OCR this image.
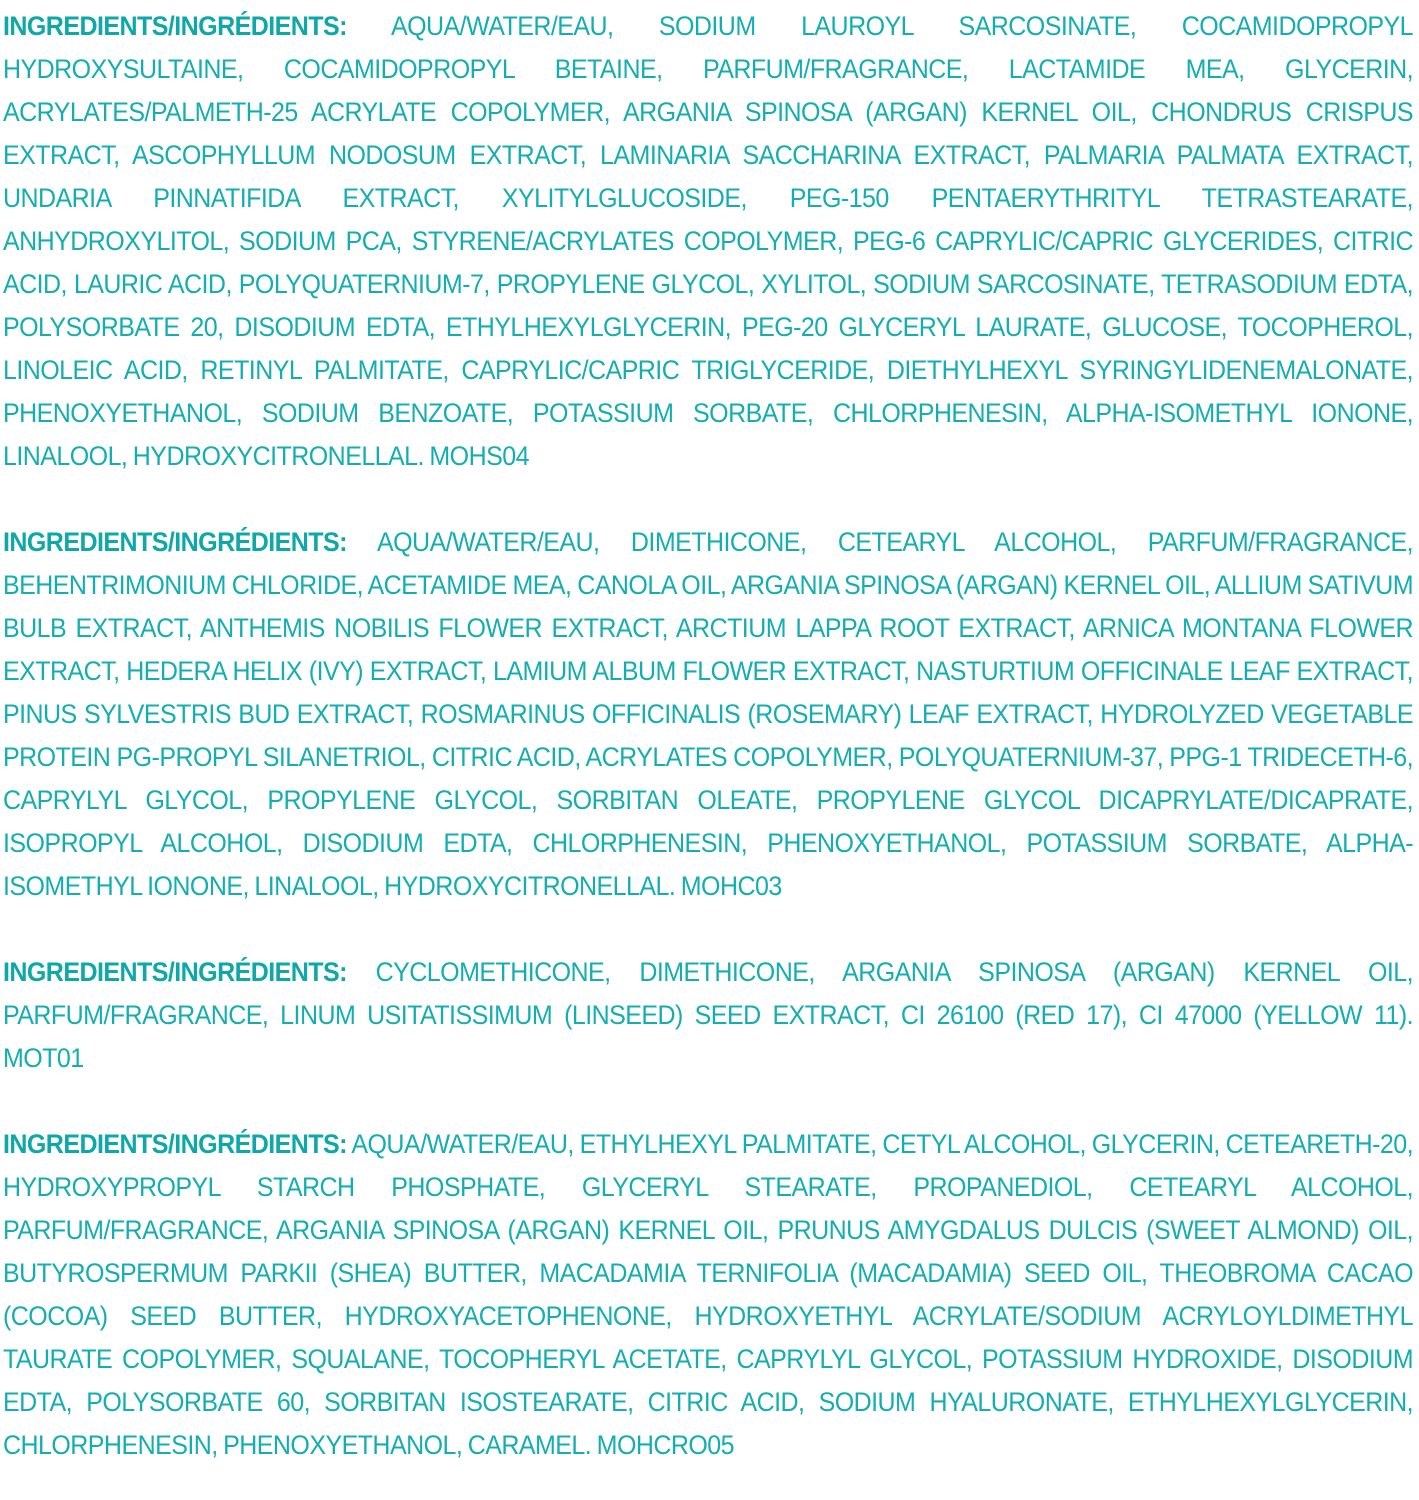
INGREDIENTS/INGRÉDIENTS: AQUA/WATER/EAU, SODIUM LAUROYL SARCOSINATE, COCAMIDOPROPYL HYDROXYSULTAINE, COCAMIDOPROPYL BETAINE, PARFUM/FRAGRANCE, LACTAMIDE MEA, GLYCERIN, ACRYLATES/PALMETH-25 ACRYLATE COPOLYMER, ARGANIA SPINOSA (ARGAN) KERNEL OIL, CHONDRUS CRISPUS EXTRACT, ASCOPHYLLUM NODOSUM EXTRACT, LAMINARIA SACCHARINA EXTRACT, PALMARIA PALMATA EXTRACT, UNDARIA PINNATIFIDA EXTRACT, XYLITYLGLUCOSIDE, PEG-150 PENTAERYTHRITYL TETRASTEARATE, ANHYDROXYLITOL, SODIUM PCA, STYRENE/ACRYLATES COPOLYMER, PEG-6 CAPRYLIC/CAPRIC GLYCERIDES, CITRIC ACID, LAURIC ACID, POLYQUATERNIUM-7, PROPYLENE GLYCOL, XYLITOL, SODIUM SARCOSINATE, TETRASODIUM EDTA, POLYSORBATE 20, DISODIUM EDTA, ETHYLHEXYLGLYCERIN, PEG-20 GLYCERYL LAURATE, GLUCOSE, TOCOPHEROL, LINOLEIC ACID, RETINYL PALMITATE, CAPRYLIC/CAPRIC TRIGLYCERIDE, DIETHYLHEXYL SYRINGYLIDENEMALONATE, PHENOXYETHANOL, SODIUM BENZOATE, POTASSIUM SORBATE, CHLORPHENESIN, ALPHA-ISOMETHYL IONONE, LINALOOL, HYDROXYCITRONELLAL. MOHS04

INGREDIENTS/INGRÉDIENTS: AQUA/WATER/EAU, DIMETHICONE, CETEARYL ALCOHOL, PARFUM/FRAGRANCE, BEHENTRIMONIUM CHLORIDE, ACETAMIDE MEA, CANOLA OIL, ARGANIA SPINOSA (ARGAN) KERNEL OIL, ALLIUM SATIVUM BULB EXTRACT, ANTHEMIS NOBILIS FLOWER EXTRACT, ARCTIUM LAPPA ROOT EXTRACT, ARNICA MONTANA FLOWER EXTRACT, HEDERA HELIX (IVY) EXTRACT, LAMIUM ALBUM FLOWER EXTRACT, NASTURTIUM OFFICINALE LEAF EXTRACT, PINUS SYLVESTRIS BUD EXTRACT, ROSMARINUS OFFICINALIS (ROSEMARY) LEAF EXTRACT, HYDROLYZED VEGETABLE PROTEIN PG-PROPYL SILANETRIOL, CITRIC ACID, ACRYLATES COPOLYMER, POLYQUATERNIUM-37, PPG-1 TRIDECETH-6, CAPRYLYL GLYCOL, PROPYLENE GLYCOL, SORBITAN OLEATE, PROPYLENE GLYCOL DICAPRYLATE/DICAPRATE, ISOPROPYL ALCOHOL, DISODIUM EDTA, CHLORPHENESIN, PHENOXYETHANOL, POTASSIUM SORBATE, ALPHA-ISOMETHYL IONONE, LINALOOL, HYDROXYCITRONELLAL. MOHC03

INGREDIENTS/INGRÉDIENTS: CYCLOMETHICONE, DIMETHICONE, ARGANIA SPINOSA (ARGAN) KERNEL OIL, PARFUM/FRAGRANCE, LINUM USITATISSIMUM (LINSEED) SEED EXTRACT, CI 26100 (RED 17), CI 47000 (YELLOW 11). MOT01

INGREDIENTS/INGRÉDIENTS: AQUA/WATER/EAU, ETHYLHEXYL PALMITATE, CETYL ALCOHOL, GLYCERIN, CETEARETH-20, HYDROXYPROPYL STARCH PHOSPHATE, GLYCERYL STEARATE, PROPANEDIOL, CETEARYL ALCOHOL, PARFUM/FRAGRANCE, ARGANIA SPINOSA (ARGAN) KERNEL OIL, PRUNUS AMYGDALUS DULCIS (SWEET ALMOND) OIL, BUTYROSPERMUM PARKII (SHEA) BUTTER, MACADAMIA TERNIFOLIA (MACADAMIA) SEED OIL, THEOBROMA CACAO (COCOA) SEED BUTTER, HYDROXYACETOPHENONE, HYDROXYETHYL ACRYLATE/SODIUM ACRYLOYLDIMETHYL TAURATE COPOLYMER, SQUALANE, TOCOPHERYL ACETATE, CAPRYLYL GLYCOL, POTASSIUM HYDROXIDE, DISODIUM EDTA, POLYSORBATE 60, SORBITAN ISOSTEARATE, CITRIC ACID, SODIUM HYALURONATE, ETHYLHEXYLGLYCERIN, CHLORPHENESIN, PHENOXYETHANOL, CARAMEL. MOHCRO05
